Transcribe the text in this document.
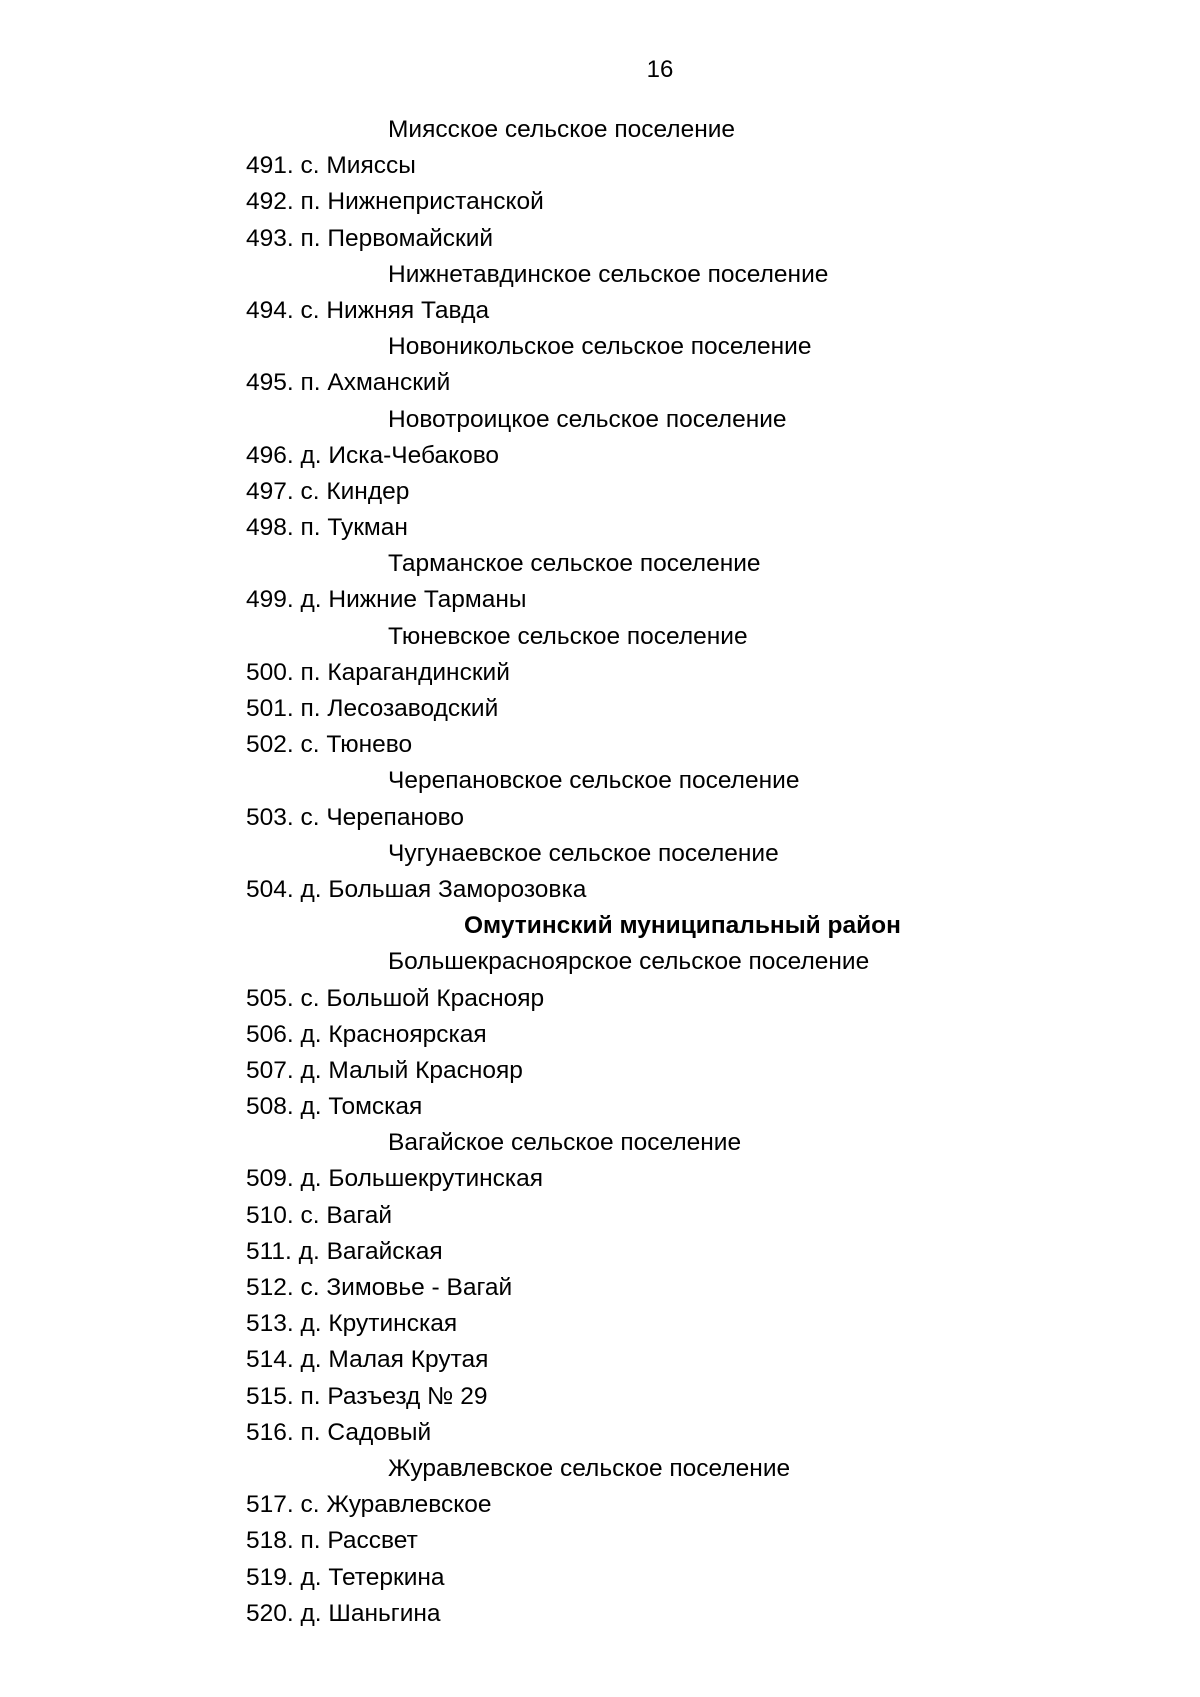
16
Миясское сельское поселение
491. с. Мияссы
492. п. Нижнепристанской
493. п. Первомайский
Нижнетавдинское сельское поселение
494. с. Нижняя Тавда
Новоникольское сельское поселение
495. п. Ахманский
Новотроицкое сельское поселение
496. д. Иска-Чебаково
497. с. Киндер
498. п. Тукман
Тарманское сельское поселение
499. д. Нижние Тарманы
Тюневское сельское поселение
500. п. Карагандинский
501. п. Лесозаводский
502. с. Тюнево
Черепановское сельское поселение
503. с. Черепаново
Чугунаевское сельское поселение
504. д. Большая Заморозовка
Омутинский муниципальный район
Большекрасноярское сельское поселение
505. с. Большой Краснояр
506. д. Красноярская
507. д. Малый Краснояр
508. д. Томская
Вагайское сельское поселение
509. д. Большекрутинская
510. с. Вагай
511. д. Вагайская
512. с. Зимовье - Вагай
513. д. Крутинская
514. д. Малая Крутая
515. п. Разъезд № 29
516. п. Садовый
Журавлевское сельское поселение
517. с. Журавлевское
518. п. Рассвет
519. д. Тетеркина
520. д. Шаньгина
